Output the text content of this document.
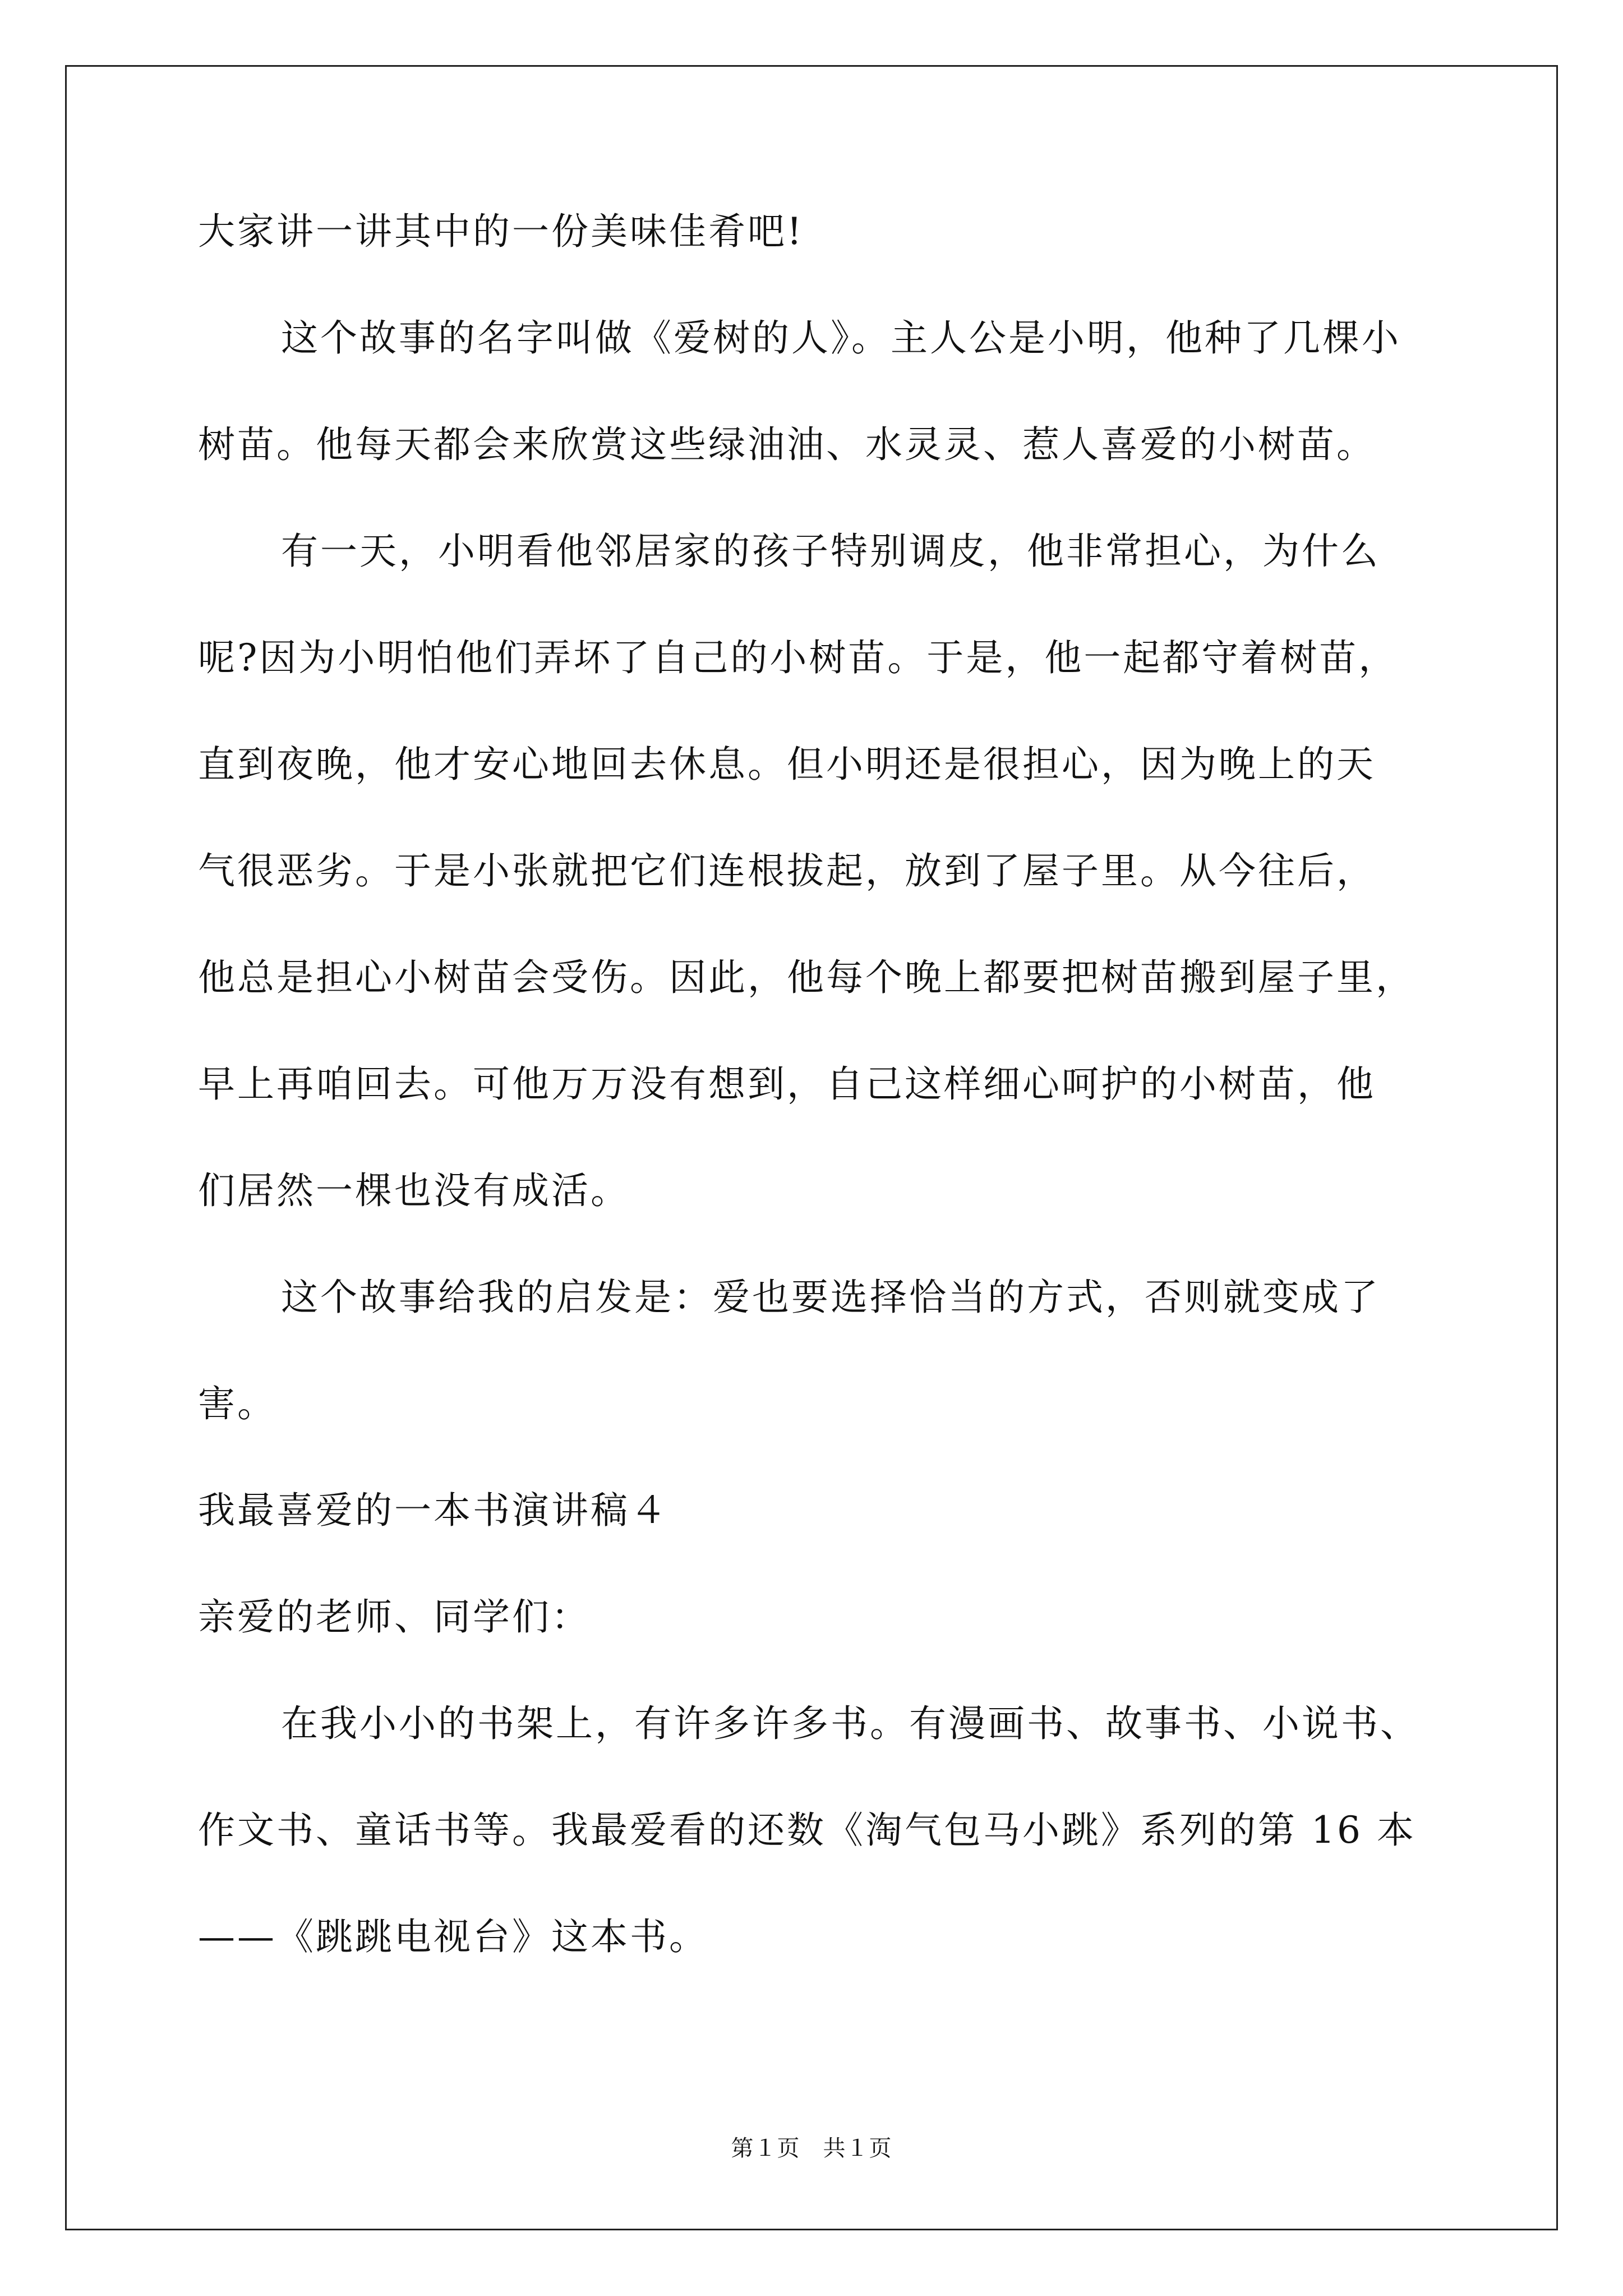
大家讲一讲其中的一份美味佳肴吧!
这个故事的名字叫做《爱树的人》。主人公是小明，他种了几棵小
树苗。他每天都会来欣赏这些绿油油、水灵灵、惹人喜爱的小树苗。
有一天，小明看他邻居家的孩子特别调皮，他非常担心，为什么
呢?因为小明怕他们弄坏了自己的小树苗。于是，他一起都守着树苗，
直到夜晚，他才安心地回去休息。但小明还是很担心，因为晚上的天
气很恶劣。于是小张就把它们连根拔起，放到了屋子里。从今往后，
他总是担心小树苗会受伤。因此，他每个晚上都要把树苗搬到屋子里，
早上再咱回去。可他万万没有想到，自己这样细心呵护的小树苗，他
们居然一棵也没有成活。
这个故事给我的启发是：爱也要选择恰当的方式，否则就变成了
害。
我最喜爱的一本书演讲稿４
亲爱的老师、同学们：
在我小小的书架上，有许多许多书。有漫画书、故事书、小说书、
作文书、童话书等。我最爱看的还数《淘气包马小跳》系列的第 16 本
——《跳跳电视台》这本书。
第１页　共１页
